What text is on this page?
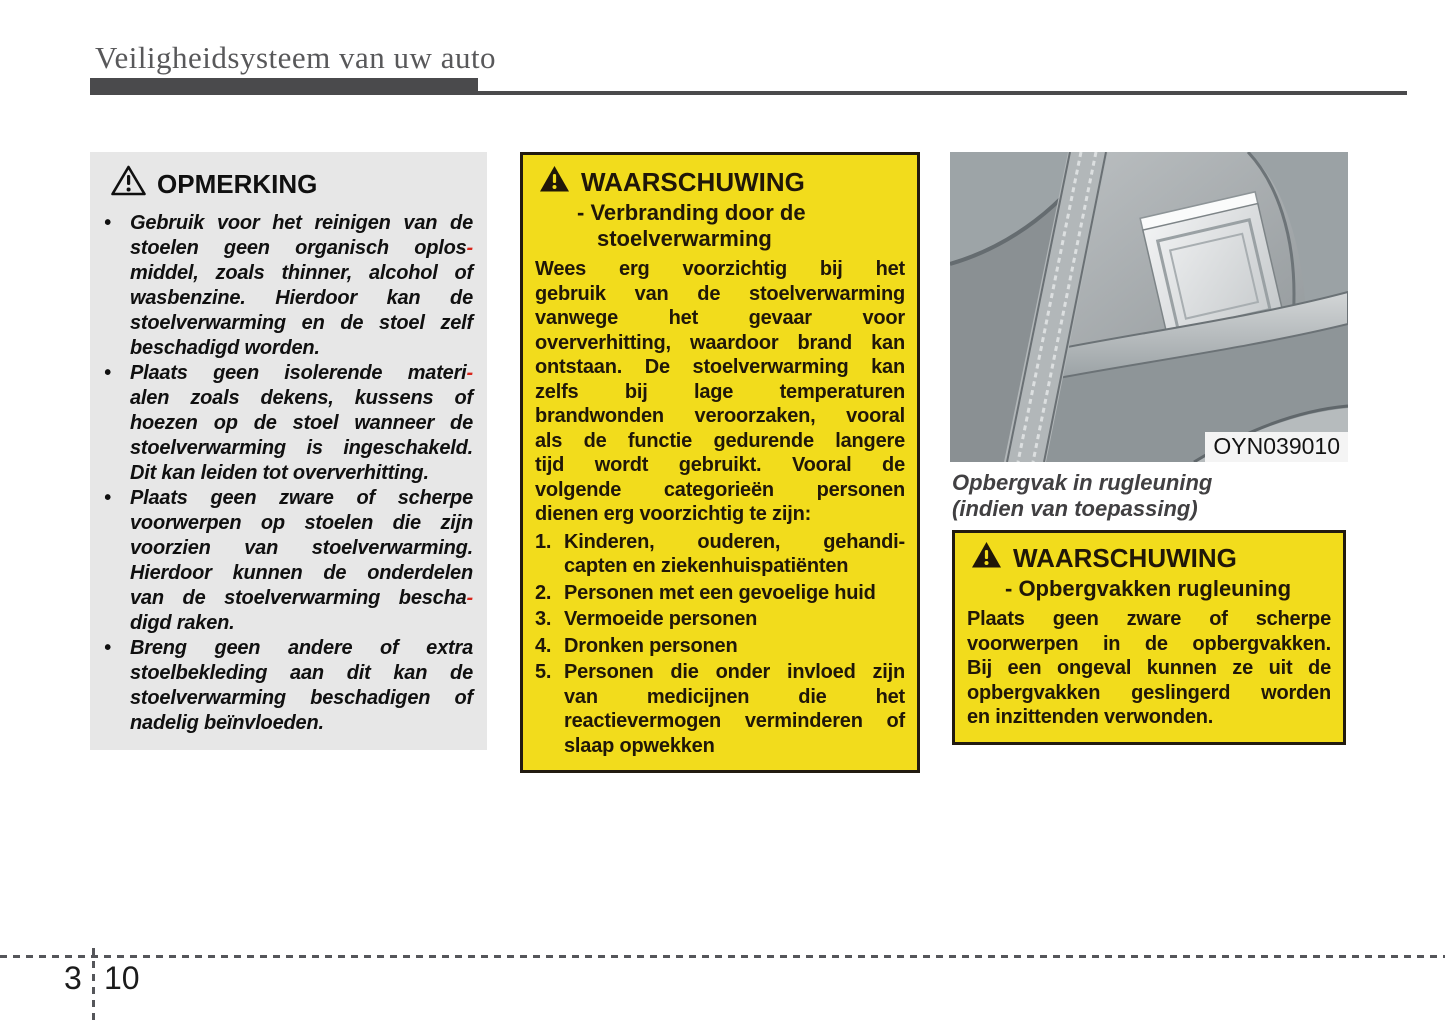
Veiligheidsysteem van uw auto
OPMERKING
• Gebruik voor het reinigen van de
stoelen geen organisch oplos-
middel, zoals thinner, alcohol of
wasbenzine. Hierdoor kan de
stoelverwarming en de stoel zelf
beschadigd worden.
• Plaats geen isolerende materi-
alen zoals dekens, kussens of
hoezen op de stoel wanneer de
stoelverwarming is ingeschakeld.
Dit kan leiden tot oververhitting.
• Plaats geen zware of scherpe
voorwerpen op stoelen die zijn
voorzien van stoelverwarming.
Hierdoor kunnen de onderdelen
van de stoelverwarming bescha-
digd raken.
• Breng geen andere of extra
stoelbekleding aan dit kan de
stoelverwarming beschadigen of
nadelig beïnvloeden.
WAARSCHUWING
- Verbranding door de
stoelverwarming
Wees erg voorzichtig bij het
gebruik van de stoelverwarming
vanwege het gevaar voor
oververhitting, waardoor brand kan
ontstaan. De stoelverwarming kan
zelfs bij lage temperaturen
brandwonden veroorzaken, vooral
als de functie gedurende langere
tijd wordt gebruikt. Vooral de
volgende categorieën personen
dienen erg voorzichtig te zijn:
1. Kinderen, ouderen, gehandi-
capten en ziekenhuispatiënten
2. Personen met een gevoelige huid
3. Vermoeide personen
4. Dronken personen
5. Personen die onder invloed zijn
van medicijnen die het
reactievermogen verminderen of
slaap opwekken
OYN039010
Opbergvak in rugleuning
(indien van toepassing)
WAARSCHUWING
- Opbergvakken rugleuning
Plaats geen zware of scherpe
voorwerpen in de opbergvakken.
Bij een ongeval kunnen ze uit de
opbergvakken geslingerd worden
en inzittenden verwonden.
3 10
